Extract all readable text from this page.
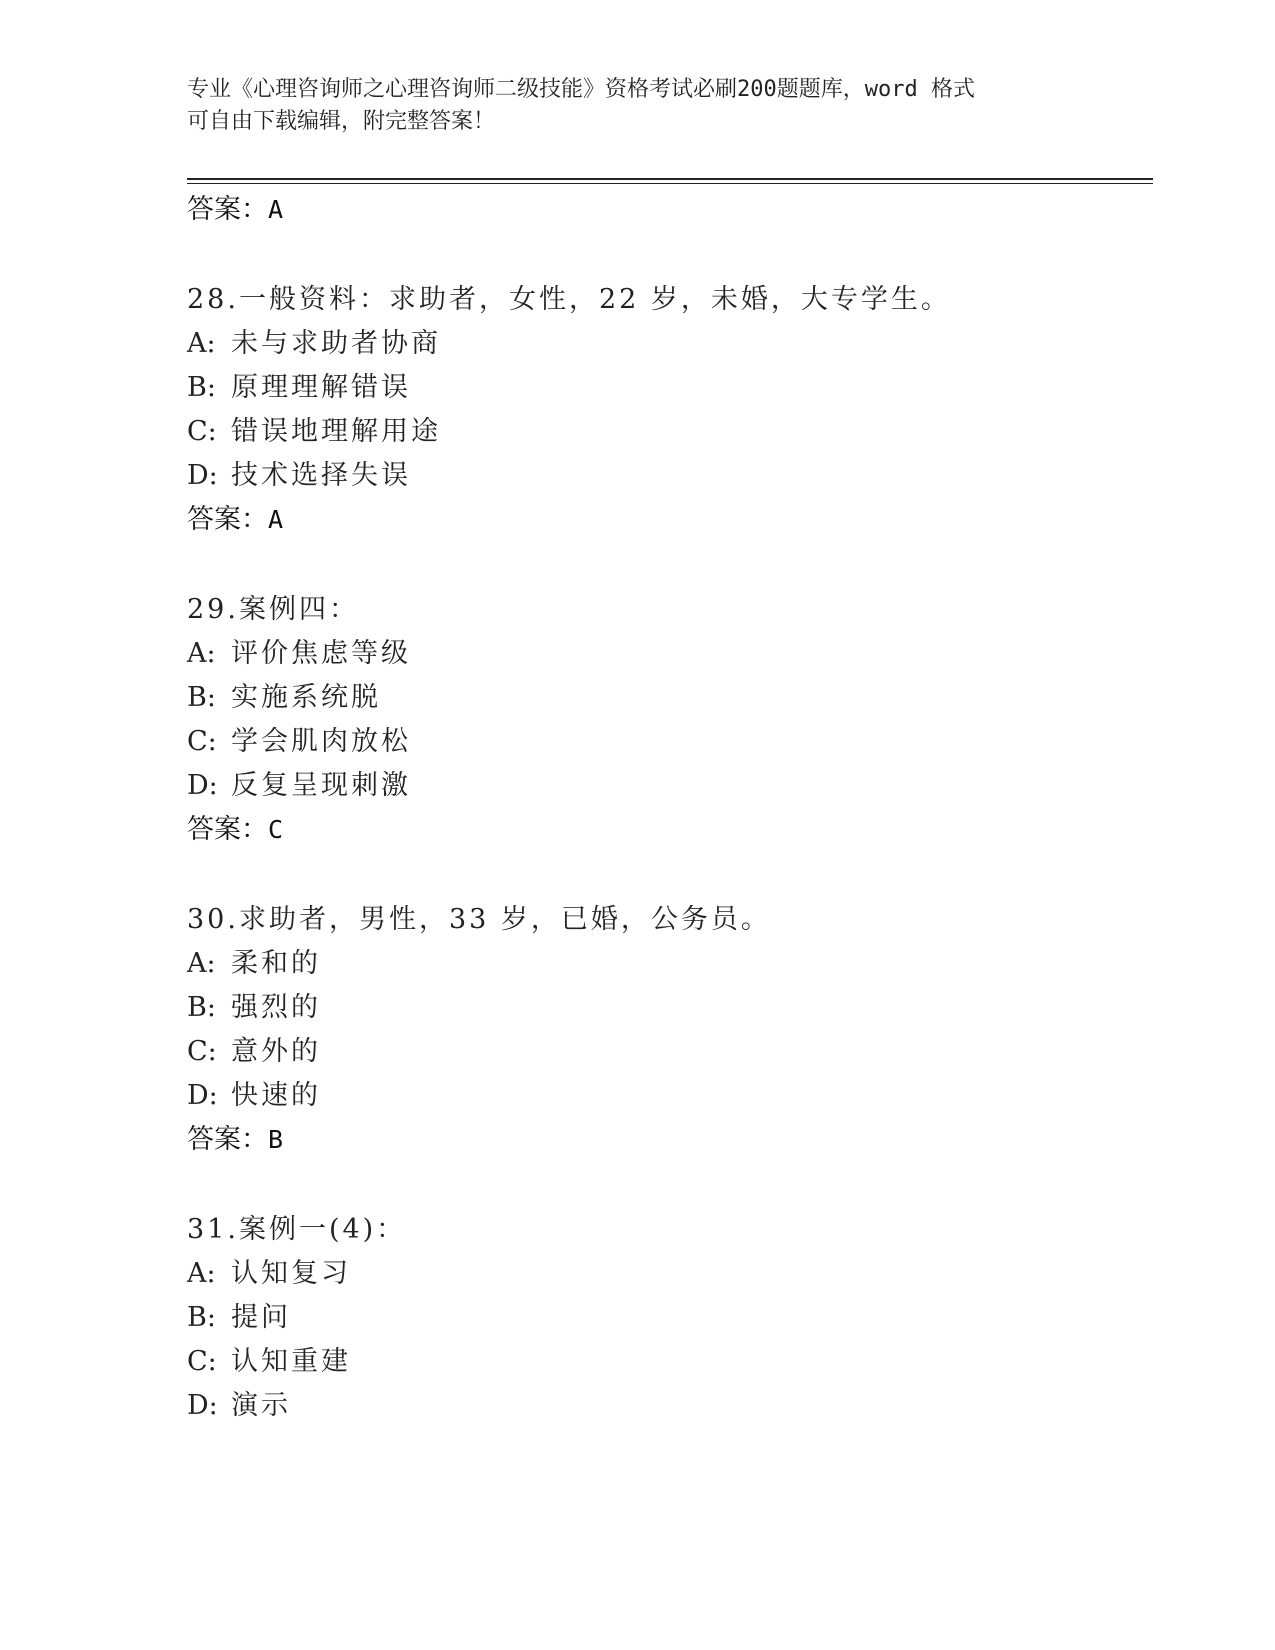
专业《心理咨询师之心理咨询师二级技能》资格考试必刷200题题库，word 格式
可自由下载编辑，附完整答案！
答案：A
28.一般资料：求助者，女性，22 岁，未婚，大专学生。
A: 未与求助者协商
B: 原理理解错误
C: 错误地理解用途
D: 技术选择失误
答案：A
29.案例四：
A: 评价焦虑等级
B: 实施系统脱
C: 学会肌肉放松
D: 反复呈现刺激
答案：C
30.求助者，男性，33 岁，已婚，公务员。
A: 柔和的
B: 强烈的
C: 意外的
D: 快速的
答案：B
31.案例一(4)：
A: 认知复习
B: 提问
C: 认知重建
D: 演示
